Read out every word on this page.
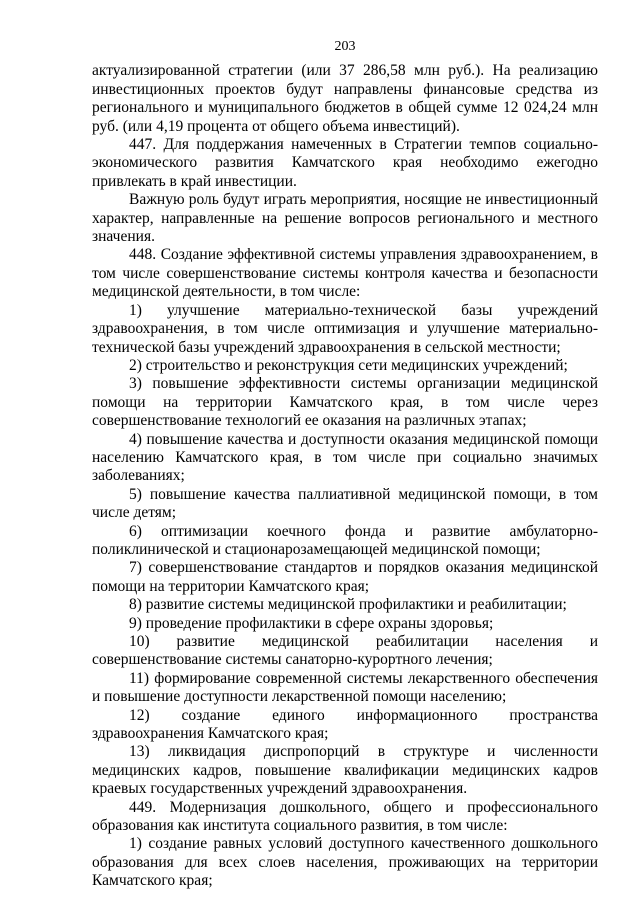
203

актуализированной стратегии (или 37 286,58 млн руб.). На реализацию инвестиционных проектов будут направлены финансовые средства из регионального и муниципального бюджетов в общей сумме 12 024,24 млн руб. (или 4,19 процента от общего объема инвестиций).

447. Для поддержания намеченных в Стратегии темпов социально-экономического развития Камчатского края необходимо ежегодно привлекать в край инвестиции.

Важную роль будут играть мероприятия, носящие не инвестиционный характер, направленные на решение вопросов регионального и местного значения.

448. Создание эффективной системы управления здравоохранением, в том числе совершенствование системы контроля качества и безопасности медицинской деятельности, в том числе:

1) улучшение материально-технической базы учреждений здравоохранения, в том числе оптимизация и улучшение материально-технической базы учреждений здравоохранения в сельской местности;

2) строительство и реконструкция сети медицинских учреждений;

3) повышение эффективности системы организации медицинской помощи на территории Камчатского края, в том числе через совершенствование технологий ее оказания на различных этапах;

4) повышение качества и доступности оказания медицинской помощи населению Камчатского края, в том числе при социально значимых заболеваниях;

5) повышение качества паллиативной медицинской помощи, в том числе детям;

6) оптимизации коечного фонда и развитие амбулаторно-поликлинической и стационарозамещающей медицинской помощи;

7) совершенствование стандартов и порядков оказания медицинской помощи на территории Камчатского края;

8) развитие системы медицинской профилактики и реабилитации;

9) проведение профилактики в сфере охраны здоровья;

10) развитие медицинской реабилитации населения и совершенствование системы санаторно-курортного лечения;

11) формирование современной системы лекарственного обеспечения и повышение доступности лекарственной помощи населению;

12) создание единого информационного пространства здравоохранения Камчатского края;

13) ликвидация диспропорций в структуре и численности медицинских кадров, повышение квалификации медицинских кадров краевых государственных учреждений здравоохранения.

449. Модернизация дошкольного, общего и профессионального образования как института социального развития, в том числе:

1) создание равных условий доступного качественного дошкольного образования для всех слоев населения, проживающих на территории Камчатского края;
